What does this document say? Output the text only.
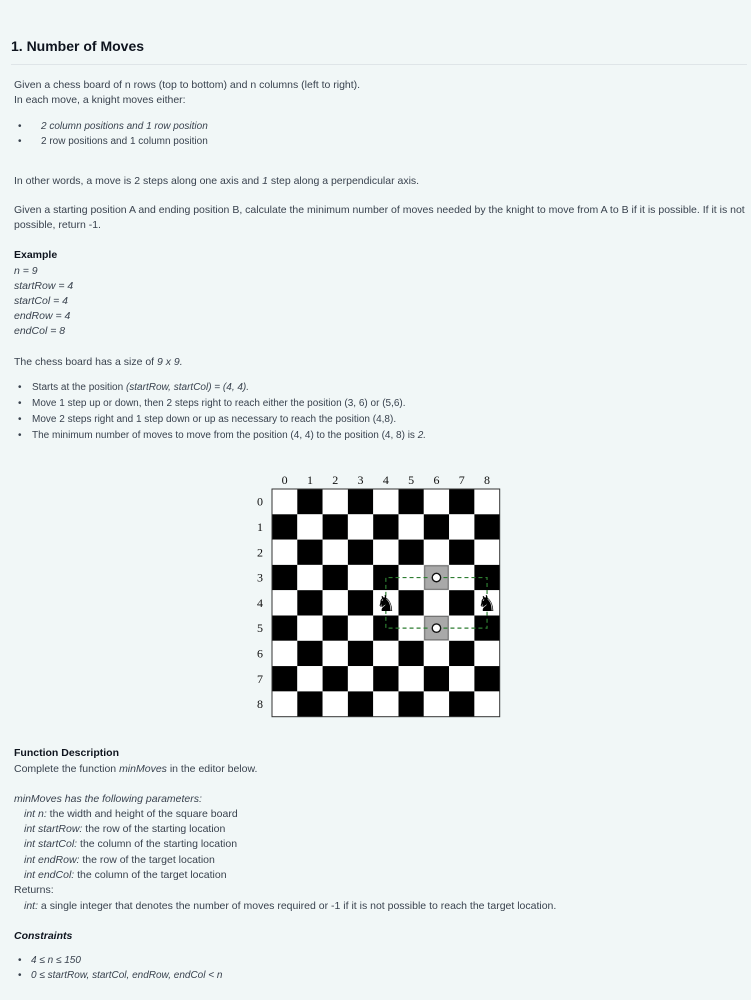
1. Number of Moves
Given a chess board of n rows (top to bottom) and n columns (left to right).
In each move, a knight moves either:
• 2 column positions and 1 row position
• 2 row positions and 1 column position
In other words, a move is 2 steps along one axis and 1 step along a perpendicular axis.
Given a starting position A and ending position B, calculate the minimum number of moves needed by the knight to move from A to B if it is possible. If it is not possible, return -1.
Example
n = 9
startRow = 4
startCol = 4
endRow = 4
endCol = 8
The chess board has a size of 9 x 9.
• Starts at the position (startRow, startCol) = (4, 4).
• Move 1 step up or down, then 2 steps right to reach either the position (3, 6) or (5,6).
• Move 2 steps right and 1 step down or up as necessary to reach the position (4,8).
• The minimum number of moves to move from the position (4, 4) to the position (4, 8) is 2.
0 1 2 3 4 5 6 7 8
0
1
2
3
4
5
6
7
8
♞	♞
Function Description
Complete the function minMoves in the editor below.
minMoves has the following parameters:
int n: the width and height of the square board
int startRow: the row of the starting location
int startCol: the column of the starting location
int endRow: the row of the target location
int endCol: the column of the target location
Returns:
int: a single integer that denotes the number of moves required or -1 if it is not possible to reach the target location.
Constraints
• 4 ≤ n ≤ 150
• 0 ≤ startRow, startCol, endRow, endCol < n
